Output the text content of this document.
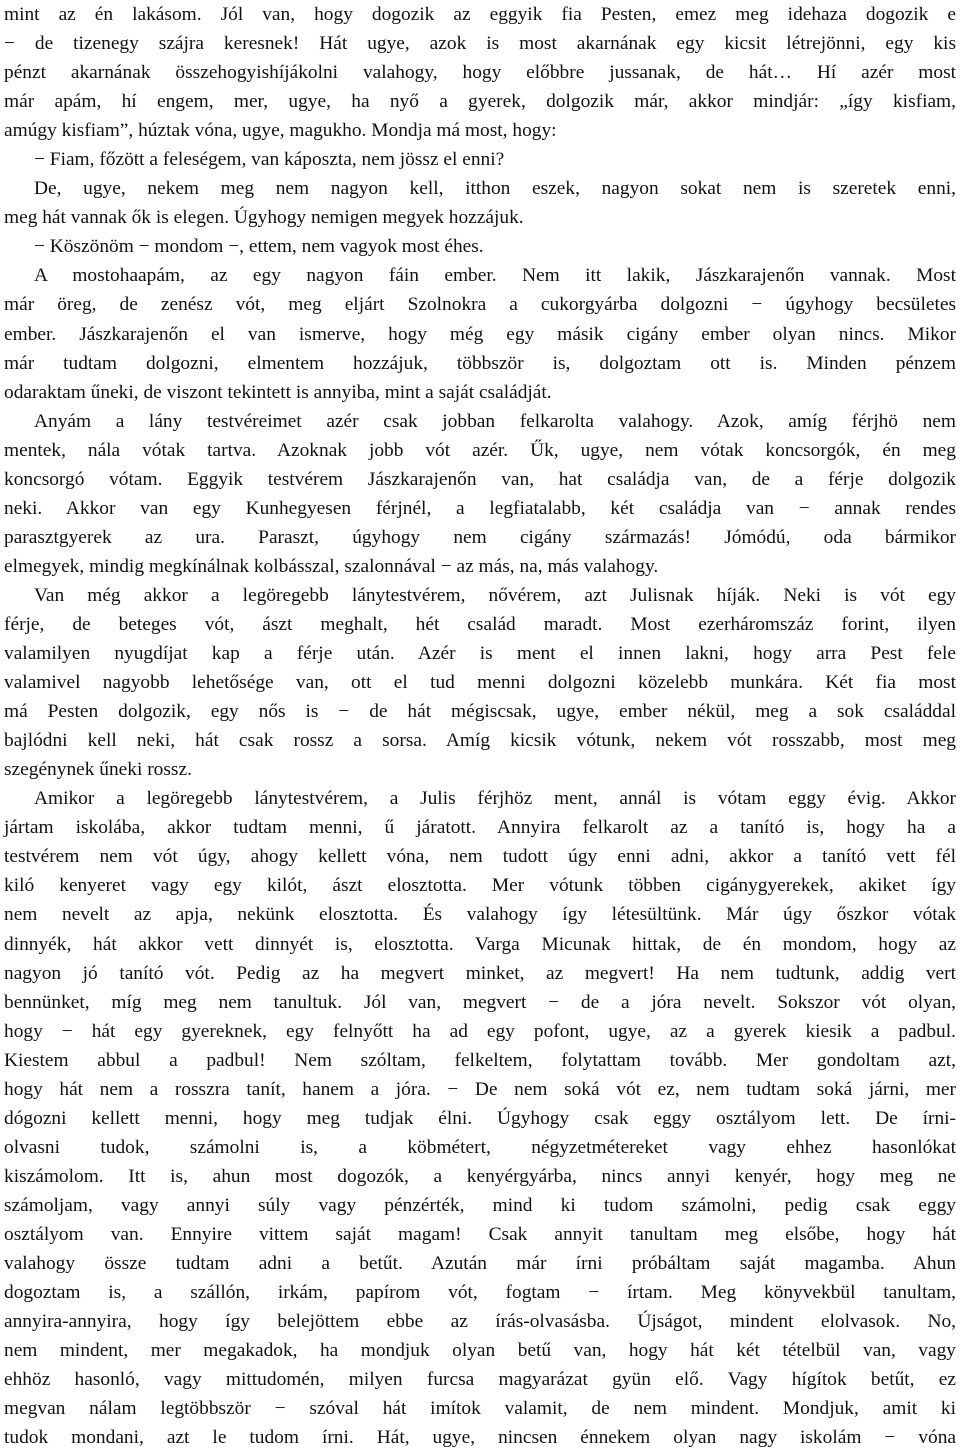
mint az én lakásom. Jól van, hogy dogozik az eggyik fia Pesten, emez meg idehaza dogozik e
− de tizenegy szájra keresnek! Hát ugye, azok is most akarnának egy kicsit létrejönni, egy kis
pénzt akarnának összehogyishíjákolni valahogy, hogy előbbre jussanak, de hát… Hí azér most
már apám, hí engem, mer, ugye, ha nyő a gyerek, dolgozik már, akkor mindjár: „így kisfiam,
amúgy kisfiam”, húztak vóna, ugye, magukho. Mondja má most, hogy:
− Fiam, főzött a feleségem, van káposzta, nem jössz el enni?
De, ugye, nekem meg nem nagyon kell, itthon eszek, nagyon sokat nem is szeretek enni,
meg hát vannak ők is elegen. Úgyhogy nemigen megyek hozzájuk.
− Köszönöm − mondom −, ettem, nem vagyok most éhes.
A mostohaapám, az egy nagyon fáin ember. Nem itt lakik, Jászkarajenőn vannak. Most
már öreg, de zenész vót, meg eljárt Szolnokra a cukorgyárba dolgozni − úgyhogy becsületes
ember. Jászkarajenőn el van ismerve, hogy még egy másik cigány ember olyan nincs. Mikor
már tudtam dolgozni, elmentem hozzájuk, többször is, dolgoztam ott is. Minden pénzem
odaraktam űneki, de viszont tekintett is annyiba, mint a saját családját.
Anyám a lány testvéreimet azér csak jobban felkarolta valahogy. Azok, amíg férjhö nem
mentek, nála vótak tartva. Azoknak jobb vót azér. Űk, ugye, nem vótak koncsorgók, én meg
koncsorgó vótam. Eggyik testvérem Jászkarajenőn van, hat családja van, de a férje dolgozik
neki. Akkor van egy Kunhegyesen férjnél, a legfiatalabb, két családja van − annak rendes
parasztgyerek az ura. Paraszt, úgyhogy nem cigány származás! Jómódú, oda bármikor
elmegyek, mindig megkínálnak kolbásszal, szalonnával − az más, na, más valahogy.
Van még akkor a legöregebb lánytestvérem, nővérem, azt Julisnak híják. Neki is vót egy
férje, de beteges vót, ászt meghalt, hét család maradt. Most ezerháromszáz forint, ilyen
valamilyen nyugdíjat kap a férje után. Azér is ment el innen lakni, hogy arra Pest fele
valamivel nagyobb lehetősége van, ott el tud menni dolgozni közelebb munkára. Két fia most
má Pesten dolgozik, egy nős is − de hát mégiscsak, ugye, ember nékül, meg a sok családdal
bajlódni kell neki, hát csak rossz a sorsa. Amíg kicsik vótunk, nekem vót rosszabb, most meg
szegénynek űneki rossz.
Amikor a legöregebb lánytestvérem, a Julis férjhöz ment, annál is vótam eggy évig. Akkor
jártam iskolába, akkor tudtam menni, ű járatott. Annyira felkarolt az a tanító is, hogy ha a
testvérem nem vót úgy, ahogy kellett vóna, nem tudott úgy enni adni, akkor a tanító vett fél
kiló kenyeret vagy egy kilót, ászt elosztotta. Mer vótunk többen cigánygyerekek, akiket így
nem nevelt az apja, nekünk elosztotta. És valahogy így létesültünk. Már úgy őszkor vótak
dinnyék, hát akkor vett dinnyét is, elosztotta. Varga Micunak hittak, de én mondom, hogy az
nagyon jó tanító vót. Pedig az ha megvert minket, az megvert! Ha nem tudtunk, addig vert
bennünket, míg meg nem tanultuk. Jól van, megvert − de a jóra nevelt. Sokszor vót olyan,
hogy − hát egy gyereknek, egy felnyőtt ha ad egy pofont, ugye, az a gyerek kiesik a padbul.
Kiestem abbul a padbul! Nem szóltam, felkeltem, folytattam tovább. Mer gondoltam azt,
hogy hát nem a rosszra tanít, hanem a jóra. − De nem soká vót ez, nem tudtam soká járni, mer
dógozni kellett menni, hogy meg tudjak élni. Úgyhogy csak eggy osztályom lett. De írni-
olvasni tudok, számolni is, a köbmétert, négyzetmétereket vagy ehhez hasonlókat
kiszámolom. Itt is, ahun most dogozók, a kenyérgyárba, nincs annyi kenyér, hogy meg ne
számoljam, vagy annyi súly vagy pénzérték, mind ki tudom számolni, pedig csak eggy
osztályom van. Ennyire vittem saját magam! Csak annyit tanultam meg elsőbe, hogy hát
valahogy össze tudtam adni a betűt. Azután már írni próbáltam saját magamba. Ahun
dogoztam is, a szállón, irkám, papírom vót, fogtam − írtam. Meg könyvekbül tanultam,
annyira-annyira, hogy így belejöttem ebbe az írás-olvasásba. Újságot, mindent elolvasok. No,
nem mindent, mer megakadok, ha mondjuk olyan betű van, hogy hát két tételbül van, vagy
ehhöz hasonló, vagy mittudomén, milyen furcsa magyarázat gyün elő. Vagy hígítok betűt, ez
megvan nálam legtöbbször − szóval hát imítok valamit, de nem mindent. Mondjuk, amit ki
tudok mondani, azt le tudom írni. Hát, ugye, nincsen énnekem olyan nagy iskolám − vóna
